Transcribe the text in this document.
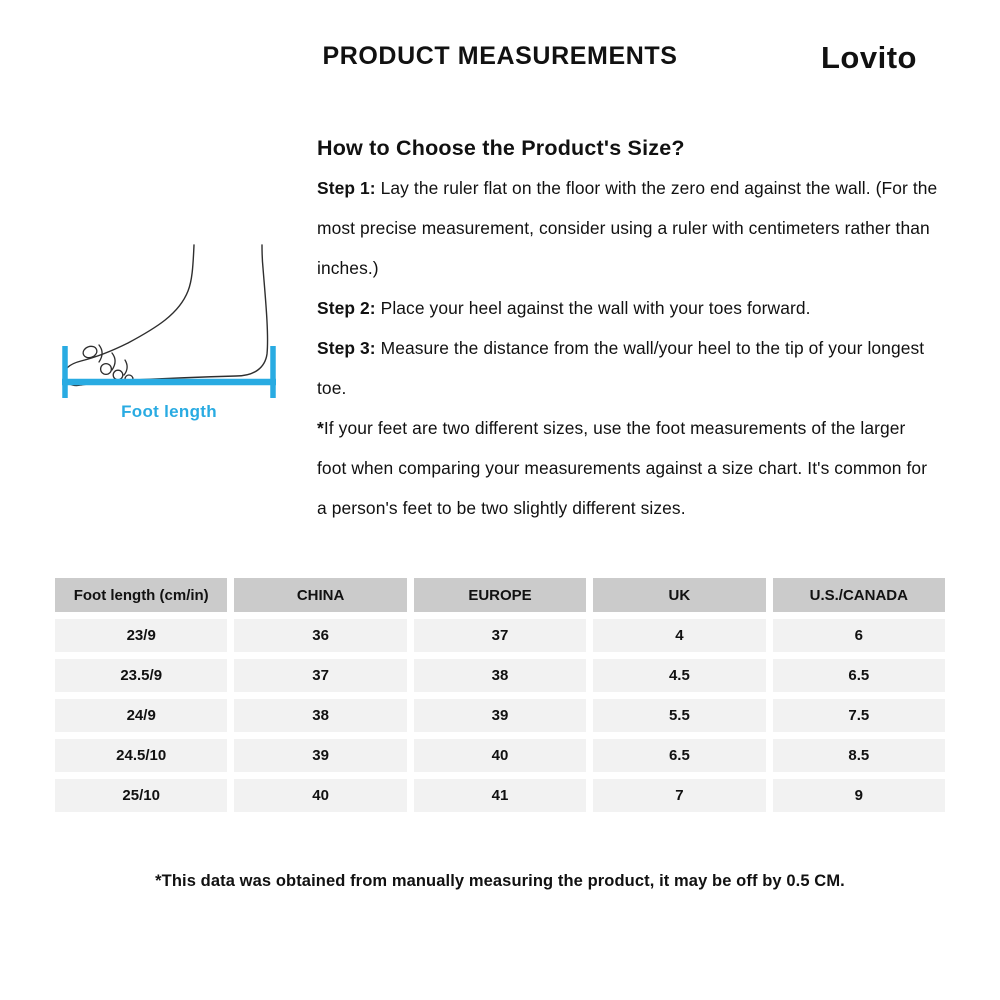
PRODUCT MEASUREMENTS	Lovito
Foot length
How to Choose the Product's Size?

Step 1: Lay the ruler flat on the floor with the zero end against the wall. (For the most precise measurement, consider using a ruler with centimeters rather than inches.)

Step 2: Place your heel against the wall with your toes forward.

Step 3: Measure the distance from the wall/your heel to the tip of your longest toe.

*If your feet are two different sizes, use the foot measurements of the larger foot when comparing your measurements against a size chart. It's common for a person's feet to be two slightly different sizes.

Foot length (cm/in)	CHINA	EUROPE	UK	U.S./CANADA
23/9	36	37	4	6
23.5/9	37	38	4.5	6.5
24/9	38	39	5.5	7.5
24.5/10	39	40	6.5	8.5
25/10	40	41	7	9
*This data was obtained from manually measuring the product, it may be off by 0.5 CM.
